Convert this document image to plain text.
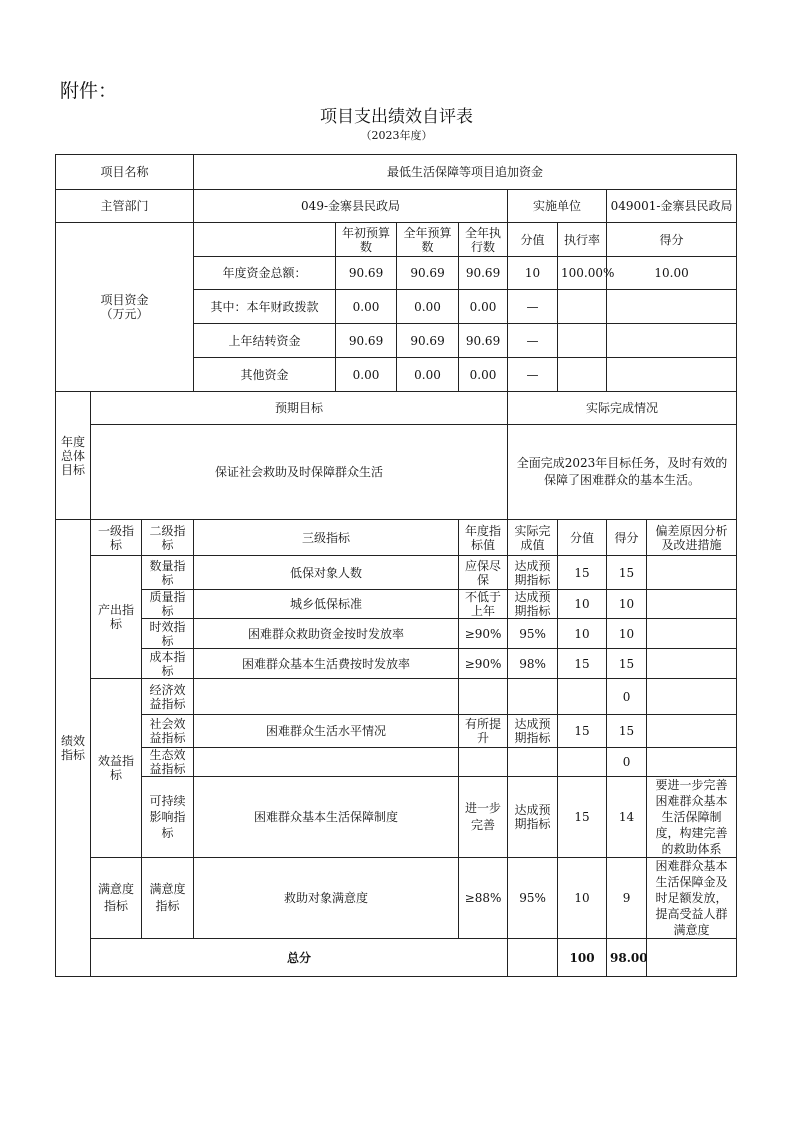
附件：
项目支出绩效自评表
（2023年度）
项目名称			最低生活保障等项目追加资金							
主管部门			049-金寨县民政局				实施单位		049001-金寨县民政局	
项目资金
（万元）				年初预算数	全年预算数	全年执行数	分值	执行率	得分	
			年度资金总额：	90.69	90.69	90.69	10	100.00%	10.00	
			其中：本年财政拨款	0.00	0.00	0.00	—			
			上年结转资金	90.69	90.69	90.69	—			
			其他资金	0.00	0.00	0.00	—			
年度总体目标	预期目标						实际完成情况			
	保证社会救助及时保障群众生活						全面完成2023年目标任务，及时有效的保障了困难群众的基本生活。			
绩效指标	一级指标	二级指标	三级指标			年度指标值	实际完成值	分值	得分	偏差原因分析及改进措施
	产出指标	数量指标	低保对象人数			应保尽保	达成预期指标	15	15	
		质量指标	城乡低保标准			不低于上年	达成预期指标	10	10	
		时效指标	困难群众救助资金按时发放率			≥90%	95%	10	10	
		成本指标	困难群众基本生活费按时发放率			≥90%	98%	15	15	
	效益指标	经济效益指标							0	
		社会效益指标	困难群众生活水平情况			有所提升	达成预期指标	15	15	
		生态效益指标							0	
		可持续影响指标	困难群众基本生活保障制度			进一步完善	达成预期指标	15	14	要进一步完善困难群众基本生活保障制度，构建完善的救助体系
	满意度指标	满意度指标	救助对象满意度			≥88%	95%	10	9	困难群众基本生活保障金及时足额发放，提高受益人群满意度
	总分							100	98.00	
